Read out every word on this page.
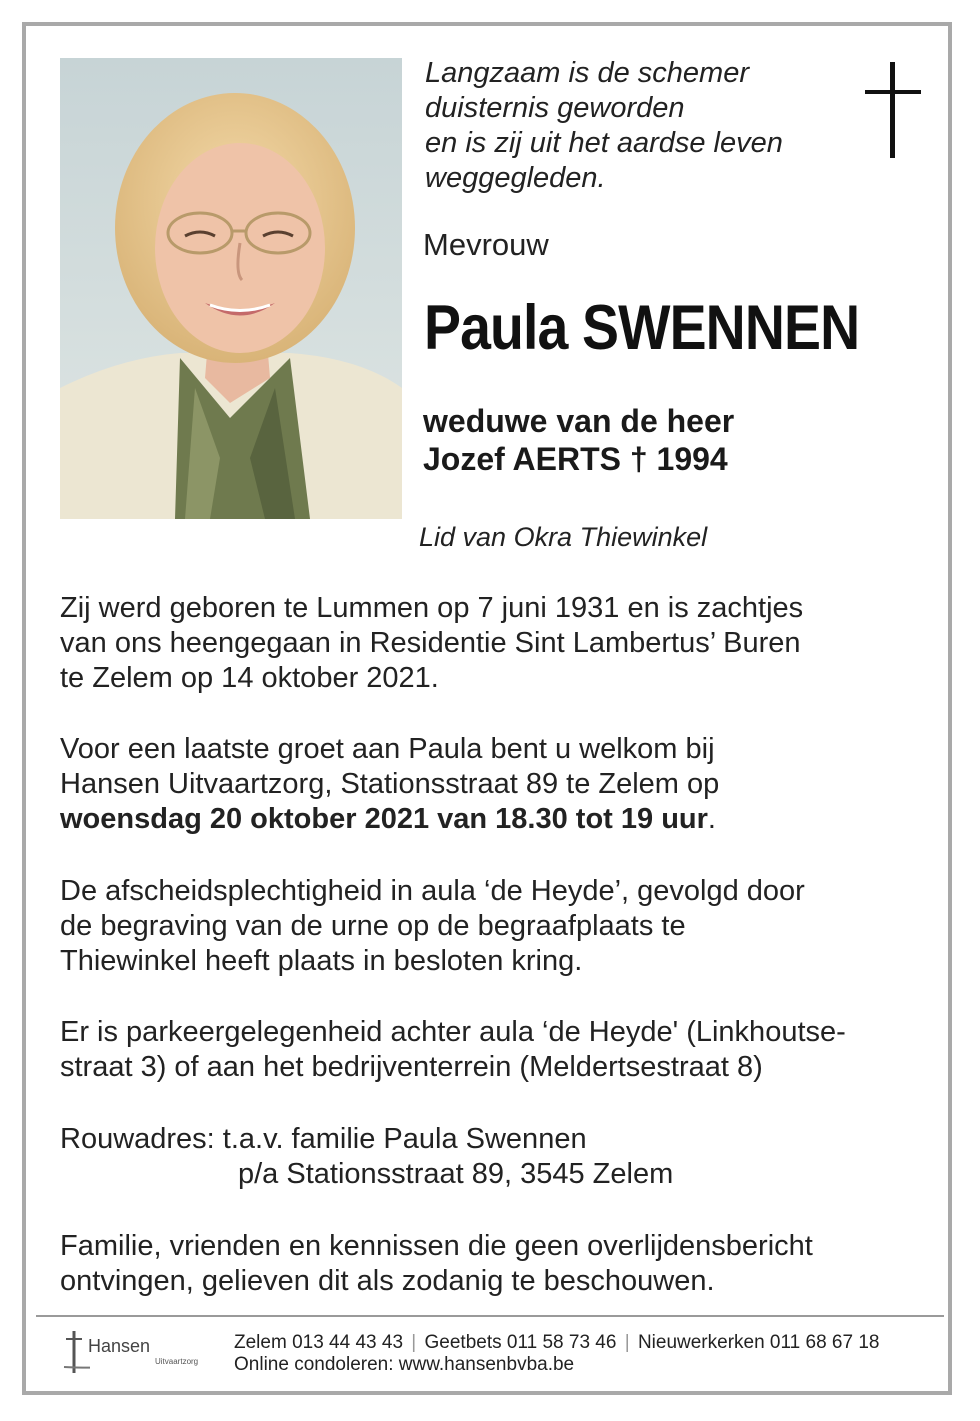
Langzaam is de schemer
duisternis geworden
en is zij uit het aardse leven
weggegleden.
Mevrouw
Paula SWENNEN
weduwe van de heer
Jozef AERTS † 1994
Lid van Okra Thiewinkel
Zij werd geboren te Lummen op 7 juni 1931 en is zachtjes
van ons heengegaan in Residentie Sint Lambertus’ Buren
te Zelem op 14 oktober 2021.
Voor een laatste groet aan Paula bent u welkom bij
Hansen Uitvaartzorg, Stationsstraat 89 te Zelem op
woensdag 20 oktober 2021 van 18.30 tot 19 uur.
De afscheidsplechtigheid in aula ‘de Heyde’, gevolgd door
de begraving van de urne op de begraafplaats te
Thiewinkel heeft plaats in besloten kring.
Er is parkeergelegenheid achter aula ‘de Heyde' (Linkhoutse-
straat 3) of aan het bedrijventerrein (Meldertsestraat 8)
Rouwadres: t.a.v. familie Paula Swennen
p/a Stationsstraat 89, 3545 Zelem
Familie, vrienden en kennissen die geen overlijdensbericht
ontvingen, gelieven dit als zodanig te beschouwen.
Hansen
Uitvaartzorg
Zelem 013 44 43 43 | Geetbets 011 58 73 46 | Nieuwerkerken 011 68 67 18
Online condoleren: www.hansenbvba.be
